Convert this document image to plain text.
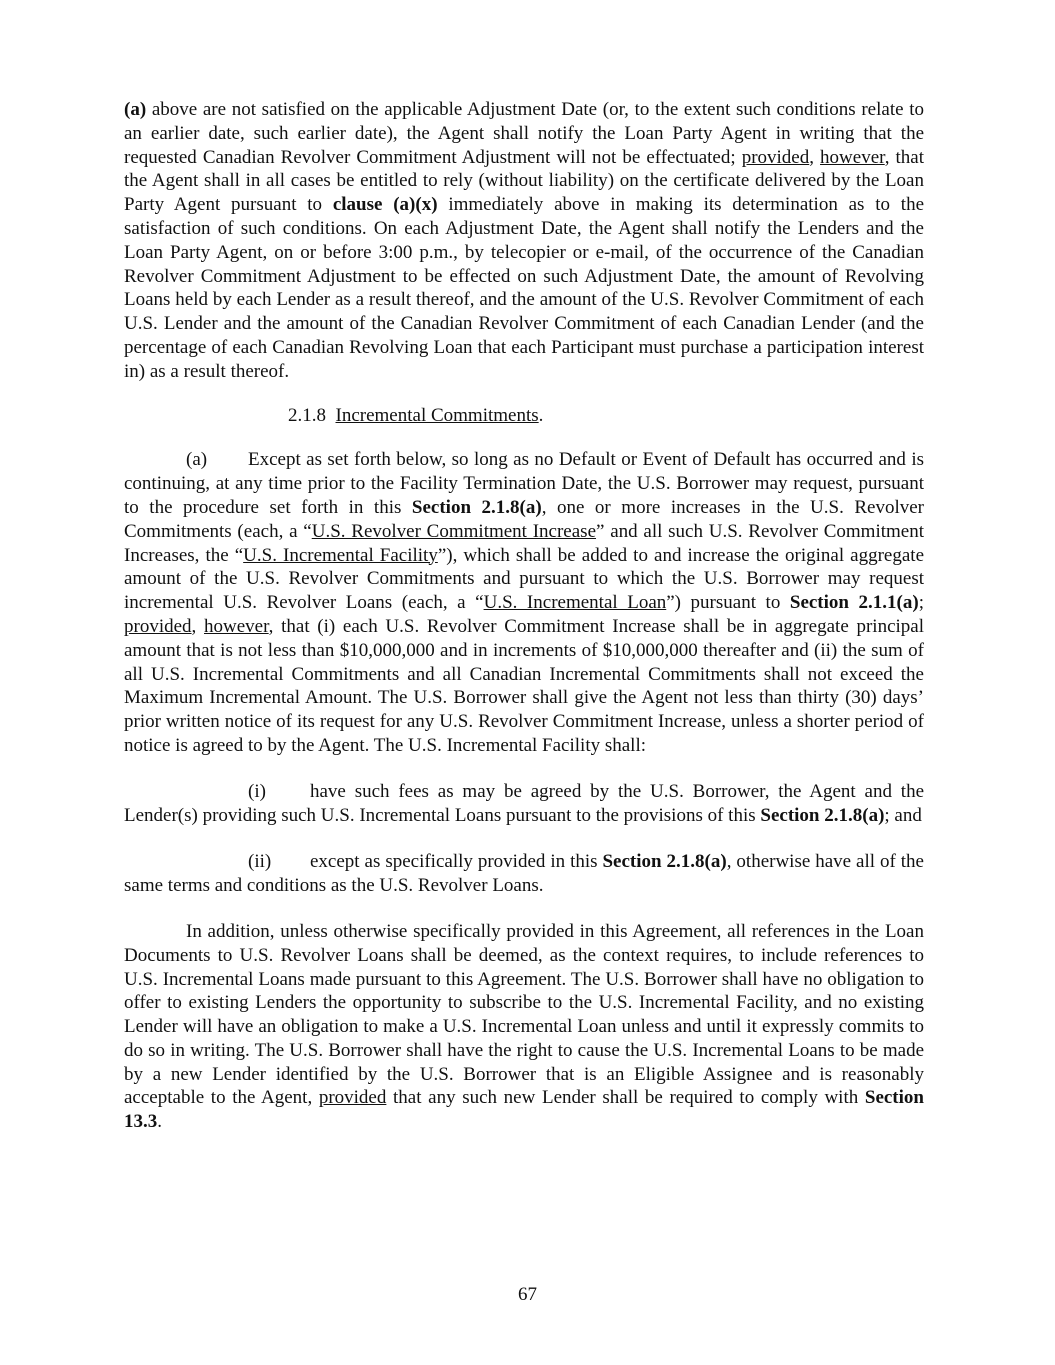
(a) above are not satisfied on the applicable Adjustment Date (or, to the extent such conditions relate to an earlier date, such earlier date), the Agent shall notify the Loan Party Agent in writing that the requested Canadian Revolver Commitment Adjustment will not be effectuated; provided, however, that the Agent shall in all cases be entitled to rely (without liability) on the certificate delivered by the Loan Party Agent pursuant to clause (a)(x) immediately above in making its determination as to the satisfaction of such conditions. On each Adjustment Date, the Agent shall notify the Lenders and the Loan Party Agent, on or before 3:00 p.m., by telecopier or e-mail, of the occurrence of the Canadian Revolver Commitment Adjustment to be effected on such Adjustment Date, the amount of Revolving Loans held by each Lender as a result thereof, and the amount of the U.S. Revolver Commitment of each U.S. Lender and the amount of the Canadian Revolver Commitment of each Canadian Lender (and the percentage of each Canadian Revolving Loan that each Participant must purchase a participation interest in) as a result thereof.

2.1.8 Incremental Commitments.

(a) Except as set forth below, so long as no Default or Event of Default has occurred and is continuing, at any time prior to the Facility Termination Date, the U.S. Borrower may request, pursuant to the procedure set forth in this Section 2.1.8(a), one or more increases in the U.S. Revolver Commitments (each, a “U.S. Revolver Commitment Increase” and all such U.S. Revolver Commitment Increases, the “U.S. Incremental Facility”), which shall be added to and increase the original aggregate amount of the U.S. Revolver Commitments and pursuant to which the U.S. Borrower may request incremental U.S. Revolver Loans (each, a “U.S. Incremental Loan”) pursuant to Section 2.1.1(a); provided, however, that (i) each U.S. Revolver Commitment Increase shall be in aggregate principal amount that is not less than $10,000,000 and in increments of $10,000,000 thereafter and (ii) the sum of all U.S. Incremental Commitments and all Canadian Incremental Commitments shall not exceed the Maximum Incremental Amount. The U.S. Borrower shall give the Agent not less than thirty (30) days’ prior written notice of its request for any U.S. Revolver Commitment Increase, unless a shorter period of notice is agreed to by the Agent. The U.S. Incremental Facility shall:

(i) have such fees as may be agreed by the U.S. Borrower, the Agent and the Lender(s) providing such U.S. Incremental Loans pursuant to the provisions of this Section 2.1.8(a); and

(ii) except as specifically provided in this Section 2.1.8(a), otherwise have all of the same terms and conditions as the U.S. Revolver Loans.

In addition, unless otherwise specifically provided in this Agreement, all references in the Loan Documents to U.S. Revolver Loans shall be deemed, as the context requires, to include references to U.S. Incremental Loans made pursuant to this Agreement. The U.S. Borrower shall have no obligation to offer to existing Lenders the opportunity to subscribe to the U.S. Incremental Facility, and no existing Lender will have an obligation to make a U.S. Incremental Loan unless and until it expressly commits to do so in writing. The U.S. Borrower shall have the right to cause the U.S. Incremental Loans to be made by a new Lender identified by the U.S. Borrower that is an Eligible Assignee and is reasonably acceptable to the Agent, provided that any such new Lender shall be required to comply with Section 13.3.

67
